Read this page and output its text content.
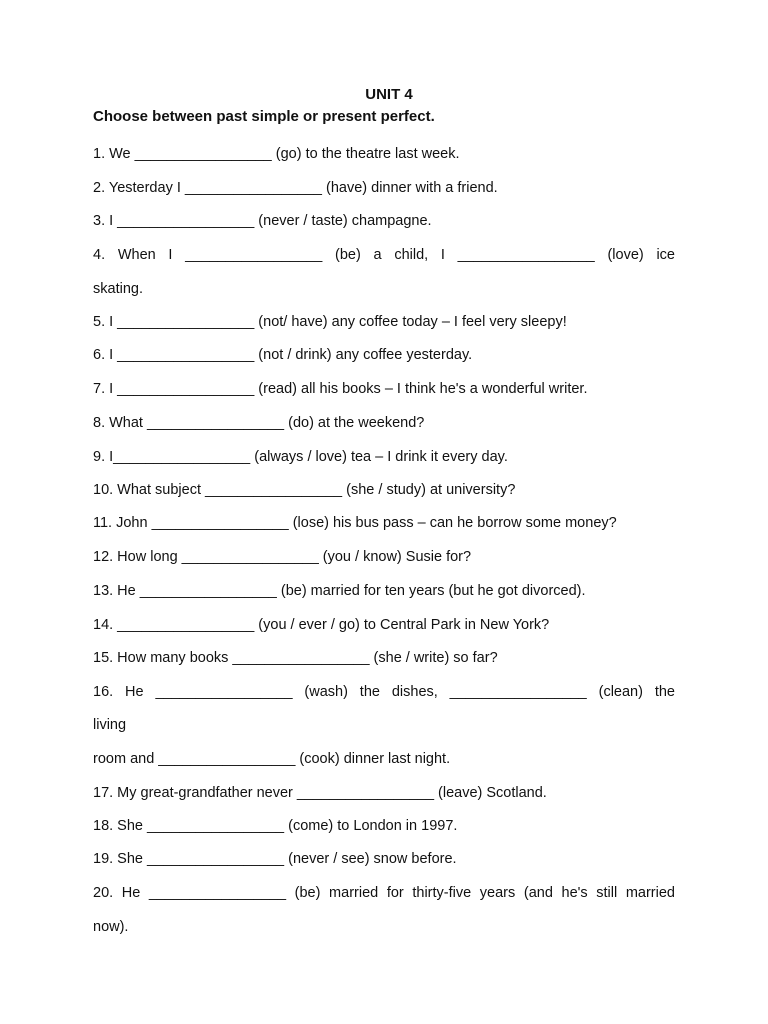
UNIT 4
Choose between past simple or present perfect.
1. We _________________ (go) to the theatre last week.
2. Yesterday I _________________ (have) dinner with a friend.
3. I _________________ (never / taste) champagne.
4. When I _________________ (be) a child, I _________________ (love) ice
skating.
5. I _________________ (not/ have) any coffee today – I feel very sleepy!
6. I _________________ (not / drink) any coffee yesterday.
7. I _________________ (read) all his books – I think he's a wonderful writer.
8. What _________________ (do) at the weekend?
9. I_________________ (always / love) tea – I drink it every day.
10. What subject _________________ (she / study) at university?
11. John _________________ (lose) his bus pass – can he borrow some money?
12. How long _________________ (you / know) Susie for?
13. He _________________ (be) married for ten years (but he got divorced).
14. _________________ (you / ever / go) to Central Park in New York?
15. How many books _________________ (she / write) so far?
16. He _________________ (wash) the dishes, _________________ (clean) the
living
room and _________________ (cook) dinner last night.
17. My great-grandfather never _________________ (leave) Scotland.
18. She _________________ (come) to London in 1997.
19. She _________________ (never / see) snow before.
20. He _________________ (be) married for thirty-five years (and he's still married
now).
